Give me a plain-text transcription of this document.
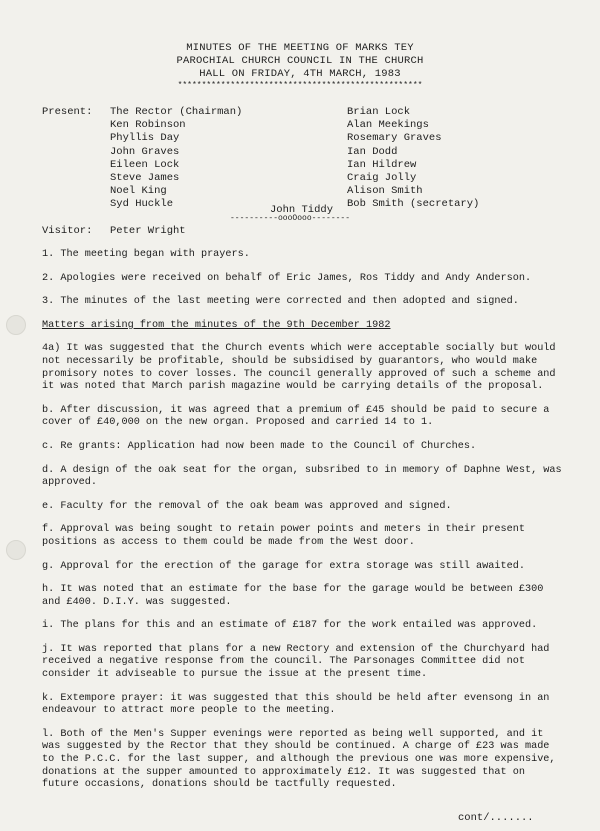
MINUTES OF THE MEETING OF MARKS TEY
PAROCHIAL CHURCH COUNCIL IN THE CHURCH
HALL ON FRIDAY, 4TH MARCH, 1983
***************************************************
Present: The Rector (Chairman)
Ken Robinson
Phyllis Day
John Graves
Eileen Lock
Steve James
Noel King
Syd Huckle
Brian Lock
Alan Meekings
Rosemary Graves
Ian Dodd
Ian Hildrew
Craig Jolly
Alison Smith
Bob Smith (secretary)
John Tiddy
----------oooOooo--------
Visitor: Peter Wright

1. The meeting began with prayers.

2. Apologies were received on behalf of Eric James, Ros Tiddy and Andy Anderson.

3. The minutes of the last meeting were corrected and then adopted and signed.

Matters arising from the minutes of the 9th December 1982

4a) It was suggested that the Church events which were acceptable socially but would not necessarily be profitable, should be subsidised by guarantors, who would make promisory notes to cover losses. The council generally approved of such a scheme and it was noted that March parish magazine would be carrying details of the proposal.

b. After discussion, it was agreed that a premium of £45 should be paid to secure a cover of £40,000 on the new organ. Proposed and carried 14 to 1.

c. Re grants: Application had now been made to the Council of Churches.

d. A design of the oak seat for the organ, subsribed to in memory of Daphne West, was approved.

e. Faculty for the removal of the oak beam was approved and signed.

f. Approval was being sought to retain power points and meters in their present positions as access to them could be made from the West door.

g. Approval for the erection of the garage for extra storage was still awaited.

h. It was noted that an estimate for the base for the garage would be between £300 and £400. D.I.Y. was suggested.

i. The plans for this and an estimate of £187 for the work entailed was approved.

j. It was reported that plans for a new Rectory and extension of the Churchyard had received a negative response from the council. The Parsonages Committee did not consider it adviseable to pursue the issue at the present time.

k. Extempore prayer: it was suggested that this should be held after evensong in an endeavour to attract more people to the meeting.

l. Both of the Men's Supper evenings were reported as being well supported, and it was suggested by the Rector that they should be continued. A charge of £23 was made to the P.C.C. for the last supper, and although the previous one was more expensive, donations at the supper amounted to approximately £12. It was suggested that on future occasions, donations should be tactfully requested.

cont/.......
